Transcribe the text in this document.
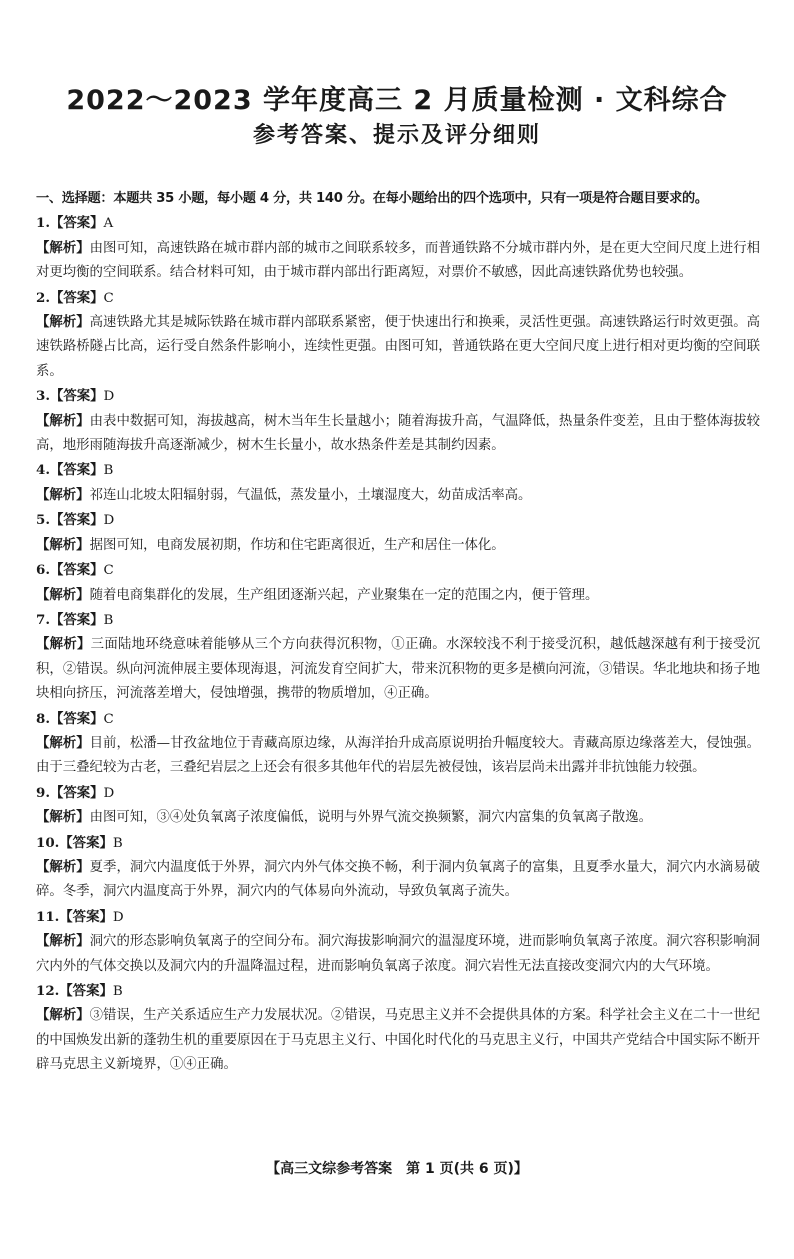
2022～2023 学年度高三 2 月质量检测 · 文科综合
参考答案、提示及评分细则
一、选择题：本题共 35 小题，每小题 4 分，共 140 分。在每小题给出的四个选项中，只有一项是符合题目要求的。
1.【答案】A
【解析】由图可知，高速铁路在城市群内部的城市之间联系较多，而普通铁路不分城市群内外，是在更大空间尺度上进行相对更均衡的空间联系。结合材料可知，由于城市群内部出行距离短，对票价不敏感，因此高速铁路优势也较强。
2.【答案】C
【解析】高速铁路尤其是城际铁路在城市群内部联系紧密，便于快速出行和换乘，灵活性更强。高速铁路运行时效更强。高速铁路桥隧占比高，运行受自然条件影响小，连续性更强。由图可知，普通铁路在更大空间尺度上进行相对更均衡的空间联系。
3.【答案】D
【解析】由表中数据可知，海拔越高，树木当年生长量越小；随着海拔升高，气温降低，热量条件变差，且由于整体海拔较高，地形雨随海拔升高逐渐减少，树木生长量小，故水热条件差是其制约因素。
4.【答案】B
【解析】祁连山北坡太阳辐射弱，气温低，蒸发量小，土壤湿度大，幼苗成活率高。
5.【答案】D
【解析】据图可知，电商发展初期，作坊和住宅距离很近，生产和居住一体化。
6.【答案】C
【解析】随着电商集群化的发展，生产组团逐渐兴起，产业聚集在一定的范围之内，便于管理。
7.【答案】B
【解析】三面陆地环绕意味着能够从三个方向获得沉积物，①正确。水深较浅不利于接受沉积，越低越深越有利于接受沉积，②错误。纵向河流伸展主要体现海退，河流发育空间扩大，带来沉积物的更多是横向河流，③错误。华北地块和扬子地块相向挤压，河流落差增大，侵蚀增强，携带的物质增加，④正确。
8.【答案】C
【解析】目前，松潘—甘孜盆地位于青藏高原边缘，从海洋抬升成高原说明抬升幅度较大。青藏高原边缘落差大，侵蚀强。由于三叠纪较为古老，三叠纪岩层之上还会有很多其他年代的岩层先被侵蚀，该岩层尚未出露并非抗蚀能力较强。
9.【答案】D
【解析】由图可知，③④处负氧离子浓度偏低，说明与外界气流交换频繁，洞穴内富集的负氧离子散逸。
10.【答案】B
【解析】夏季，洞穴内温度低于外界，洞穴内外气体交换不畅，利于洞内负氧离子的富集，且夏季水量大，洞穴内水滴易破碎。冬季，洞穴内温度高于外界，洞穴内的气体易向外流动，导致负氧离子流失。
11.【答案】D
【解析】洞穴的形态影响负氧离子的空间分布。洞穴海拔影响洞穴的温湿度环境，进而影响负氧离子浓度。洞穴容积影响洞穴内外的气体交换以及洞穴内的升温降温过程，进而影响负氧离子浓度。洞穴岩性无法直接改变洞穴内的大气环境。
12.【答案】B
【解析】③错误，生产关系适应生产力发展状况。②错误，马克思主义并不会提供具体的方案。科学社会主义在二十一世纪的中国焕发出新的蓬勃生机的重要原因在于马克思主义行、中国化时代化的马克思主义行，中国共产党结合中国实际不断开辟马克思主义新境界，①④正确。
【高三文综参考答案　第 1 页(共 6 页)】
